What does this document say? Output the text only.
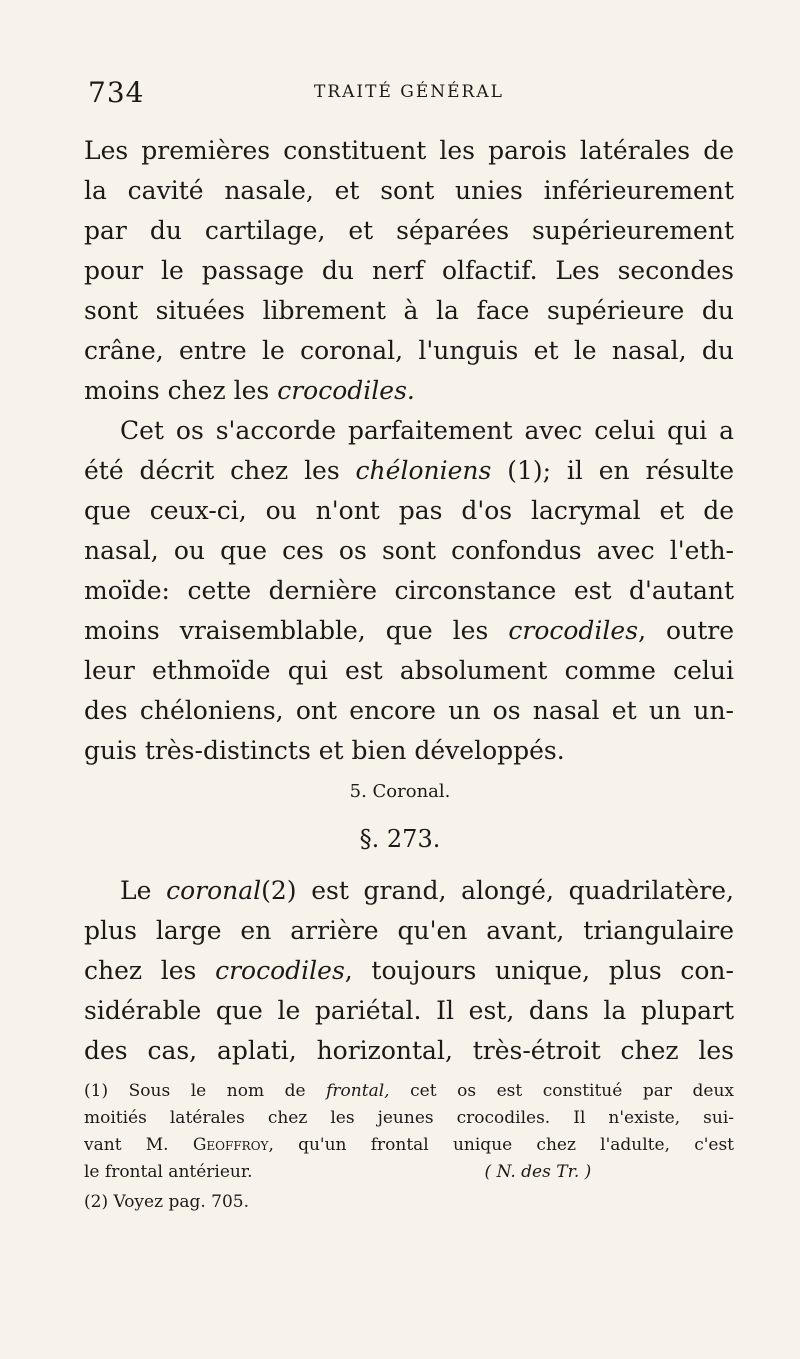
734	TRAITÉ GÉNÉRAL
Les premières constituent les parois latérales de
la cavité nasale, et sont unies inférieurement
par du cartilage, et séparées supérieurement
pour le passage du nerf olfactif. Les secondes
sont situées librement à la face supérieure du
crâne, entre le coronal, l'unguis et le nasal, du
moins chez les crocodiles.
Cet os s'accorde parfaitement avec celui qui a
été décrit chez les chéloniens (1); il en résulte
que ceux-ci, ou n'ont pas d'os lacrymal et de
nasal, ou que ces os sont confondus avec l'eth-
moïde: cette dernière circonstance est d'autant
moins vraisemblable, que les crocodiles, outre
leur ethmoïde qui est absolument comme celui
des chéloniens, ont encore un os nasal et un un-
guis très-distincts et bien développés.
5. Coronal.
§. 273.
Le coronal(2) est grand, alongé, quadrilatère,
plus large en arrière qu'en avant, triangulaire
chez les crocodiles, toujours unique, plus con-
sidérable que le pariétal. Il est, dans la plupart
des cas, aplati, horizontal, très-étroit chez les
(1) Sous le nom de frontal, cet os est constitué par deux
moitiés latérales chez les jeunes crocodiles. Il n'existe, sui-
vant M. Geoffroy, qu'un frontal unique chez l'adulte, c'est
le frontal antérieur.	( N. des Tr. )
(2) Voyez pag. 705.
